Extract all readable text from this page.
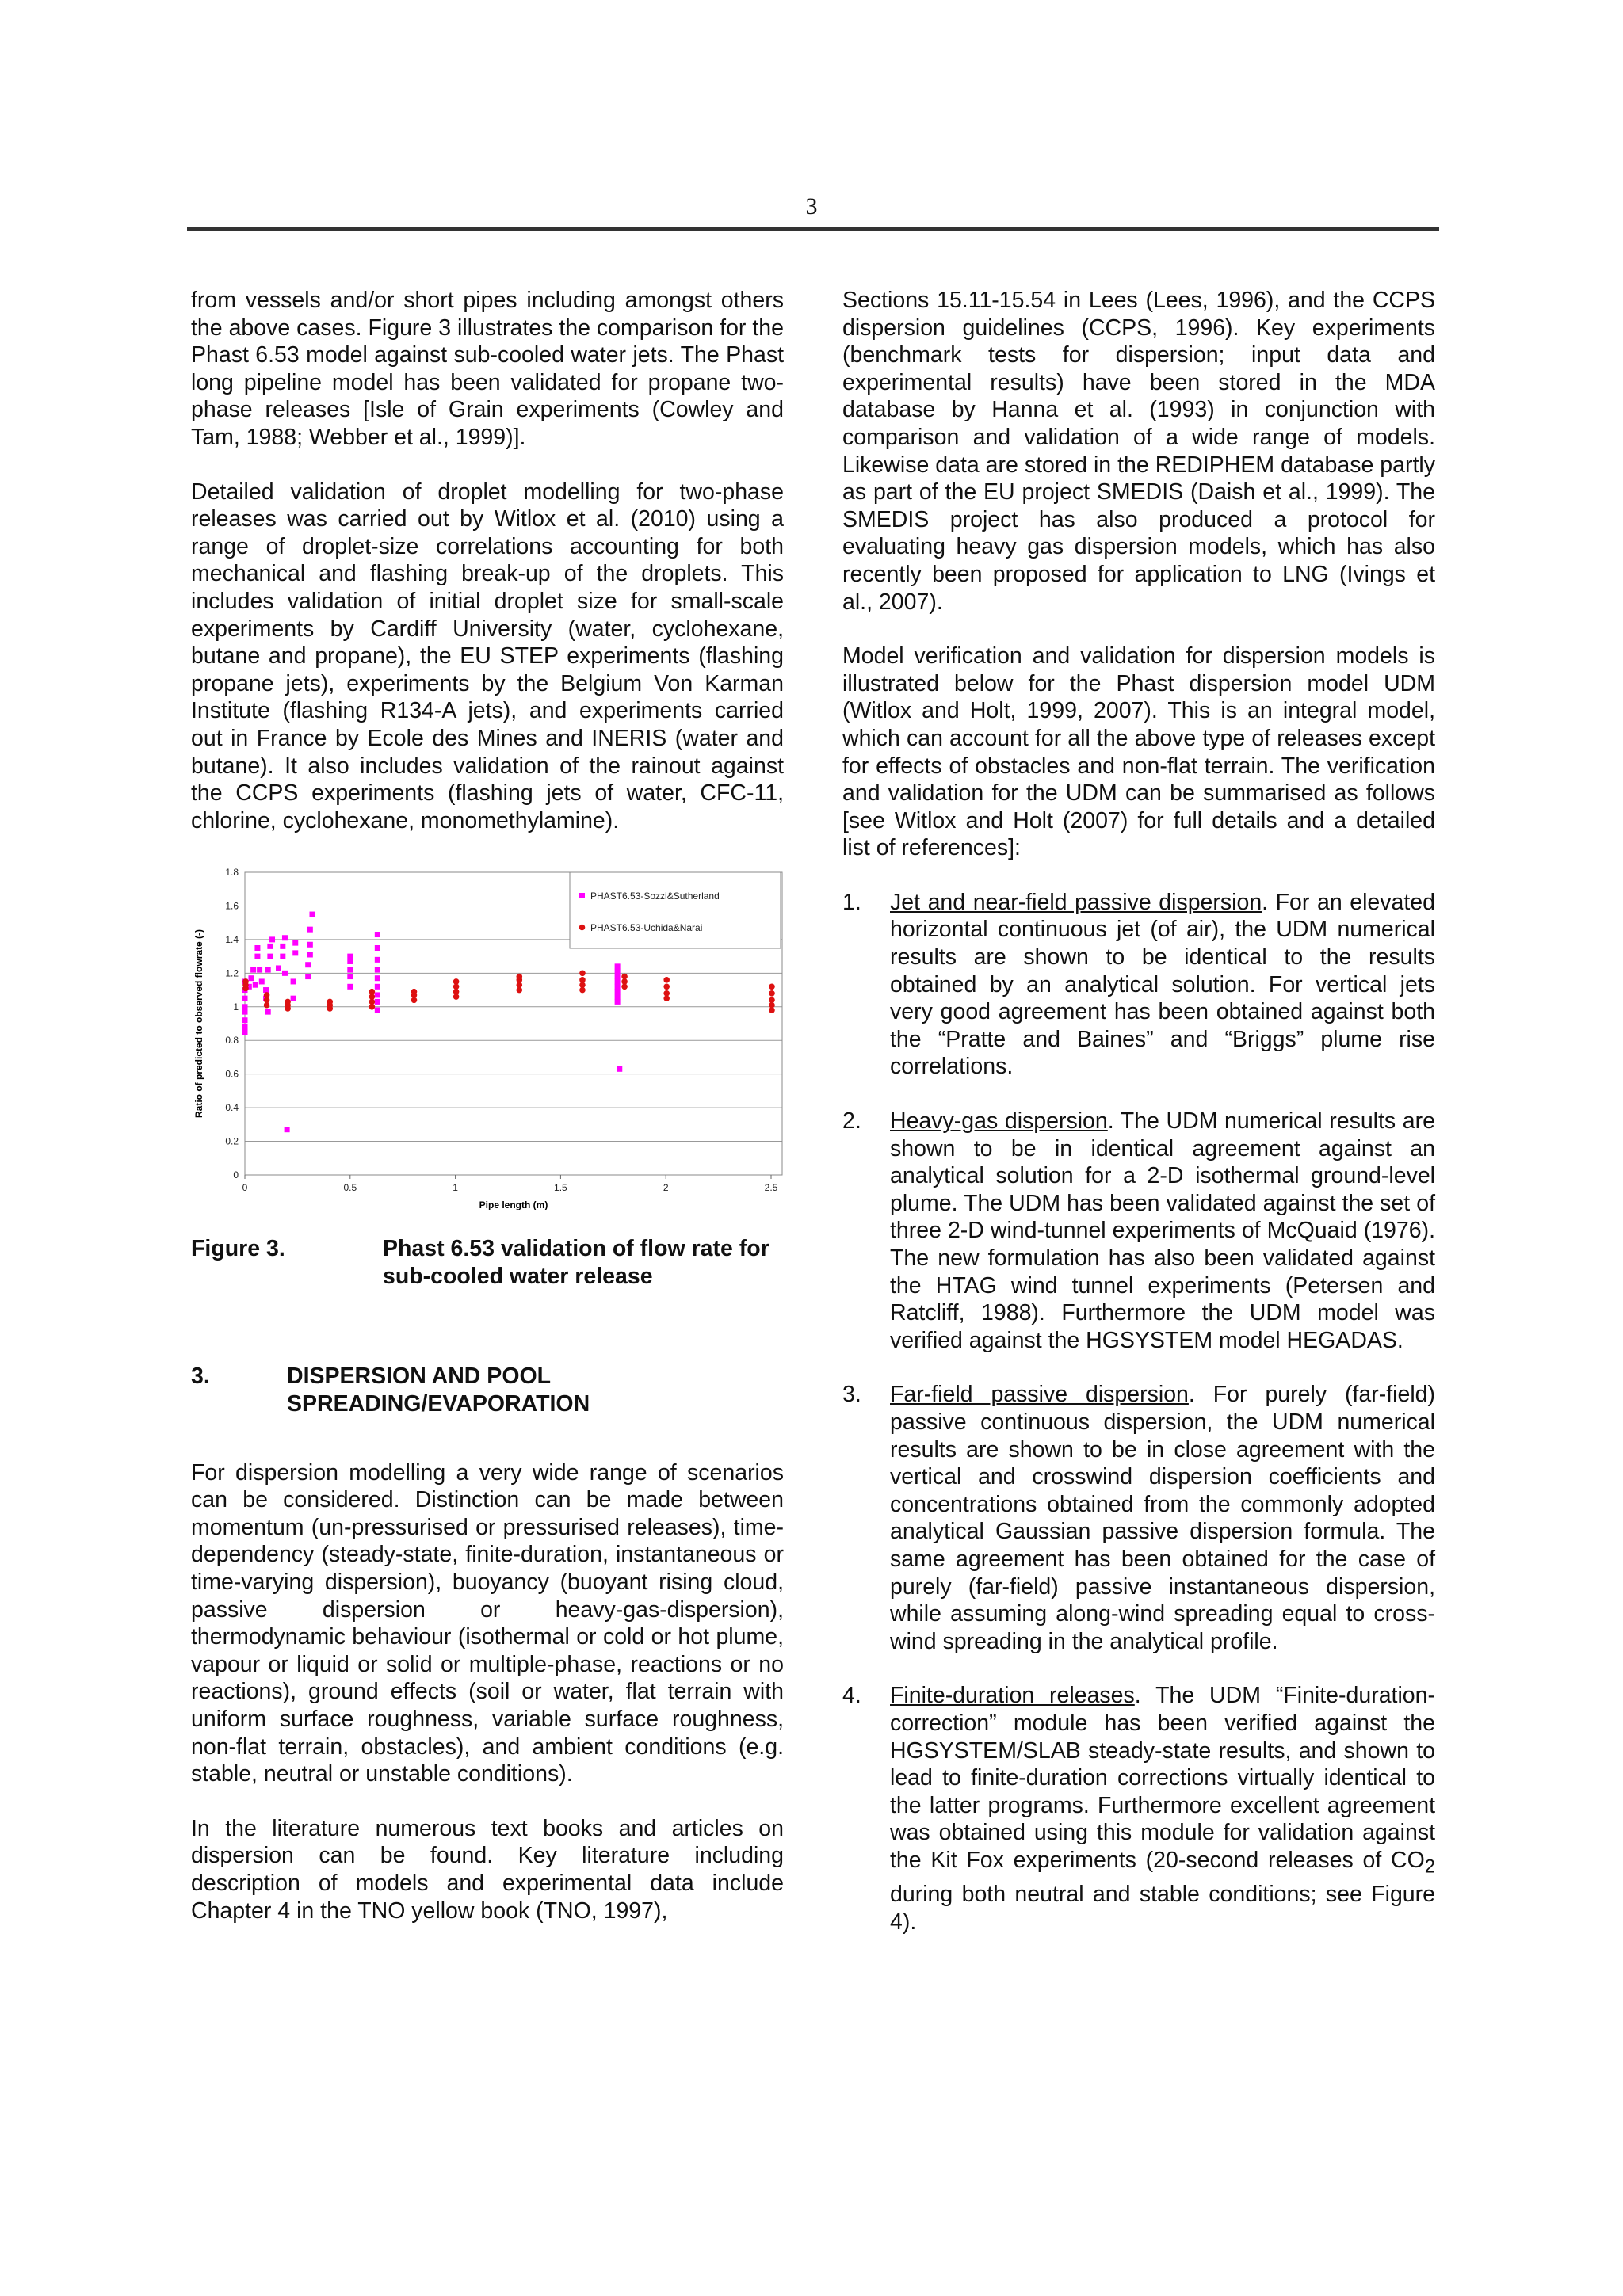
3

from vessels and/or short pipes including amongst others the above cases. Figure 3 illustrates the comparison for the Phast 6.53 model against sub-cooled water jets. The Phast long pipeline model has been validated for propane two-phase releases [Isle of Grain experiments (Cowley and Tam, 1988; Webber et al., 1999)].

Detailed validation of droplet modelling for two-phase releases was carried out by Witlox et al. (2010) using a range of droplet-size correlations accounting for both mechanical and flashing break-up of the droplets. This includes validation of initial droplet size for small-scale experiments by Cardiff University (water, cyclohexane, butane and propane), the EU STEP experiments (flashing propane jets), experiments by the Belgium Von Karman Institute (flashing R134-A jets), and experiments carried out in France by Ecole des Mines and INERIS (water and butane). It also includes validation of the rainout against the CCPS experiments (flashing jets of water, CFC-11, chlorine, cyclohexane, monomethylamine).

0
0.2
0.4
0.6
0.8
1
1.2
1.4
1.6
1.8
0	0.5	1	1.5	2	2.5
Pipe length (m)
Ratio of predicted to observed flowrate (-)
PHAST6.53-Sozzi&Sutherland
PHAST6.53-Uchida&Narai
Figure 3.	Phast 6.53 validation of flow rate for sub-cooled water release
3.	DISPERSION AND POOL SPREADING/EVAPORATION

For dispersion modelling a very wide range of scenarios can be considered. Distinction can be made between momentum (un-pressurised or pressurised releases), time-dependency (steady-state, finite-duration, instantaneous or time-varying dispersion), buoyancy (buoyant rising cloud, passive dispersion or heavy-gas-dispersion), thermodynamic behaviour (isothermal or cold or hot plume, vapour or liquid or solid or multiple-phase, reactions or no reactions), ground effects (soil or water, flat terrain with uniform surface roughness, variable surface roughness, non-flat terrain, obstacles), and ambient conditions (e.g. stable, neutral or unstable conditions).

In the literature numerous text books and articles on dispersion can be found. Key literature including description of models and experimental data include Chapter 4 in the TNO yellow book (TNO, 1997),

Sections 15.11-15.54 in Lees (Lees, 1996), and the CCPS dispersion guidelines (CCPS, 1996). Key experiments (benchmark tests for dispersion; input data and experimental results) have been stored in the MDA database by Hanna et al. (1993) in conjunction with comparison and validation of a wide range of models. Likewise data are stored in the REDIPHEM database partly as part of the EU project SMEDIS (Daish et al., 1999). The SMEDIS project has also produced a protocol for evaluating heavy gas dispersion models, which has also recently been proposed for application to LNG (Ivings et al., 2007).

Model verification and validation for dispersion models is illustrated below for the Phast dispersion model UDM (Witlox and Holt, 1999, 2007). This is an integral model, which can account for all the above type of releases except for effects of obstacles and non-flat terrain. The verification and validation for the UDM can be summarised as follows [see Witlox and Holt (2007) for full details and a detailed list of references]:

1.	Jet and near-field passive dispersion. For an elevated horizontal continuous jet (of air), the UDM numerical results are shown to be identical to the results obtained by an analytical solution. For vertical jets very good agreement has been obtained against both the “Pratte and Baines” and “Briggs” plume rise correlations.
2.	Heavy-gas dispersion. The UDM numerical results are shown to be in identical agreement against an analytical solution for a 2-D isothermal ground-level plume. The UDM has been validated against the set of three 2-D wind-tunnel experiments of McQuaid (1976). The new formulation has also been validated against the HTAG wind tunnel experiments (Petersen and Ratcliff, 1988). Furthermore the UDM model was verified against the HGSYSTEM model HEGADAS.
3.	Far-field passive dispersion. For purely (far-field) passive continuous dispersion, the UDM numerical results are shown to be in close agreement with the vertical and crosswind dispersion coefficients and concentrations obtained from the commonly adopted analytical Gaussian passive dispersion formula. The same agreement has been obtained for the case of purely (far-field) passive instantaneous dispersion, while assuming along-wind spreading equal to cross-wind spreading in the analytical profile.
4.	Finite-duration releases. The UDM “Finite-duration-correction” module has been verified against the HGSYSTEM/SLAB steady-state results, and shown to lead to finite-duration corrections virtually identical to the latter programs. Furthermore excellent agreement was obtained using this module for validation against the Kit Fox experiments (20-second releases of $CO_2$ during both neutral and stable conditions; see Figure 4).
